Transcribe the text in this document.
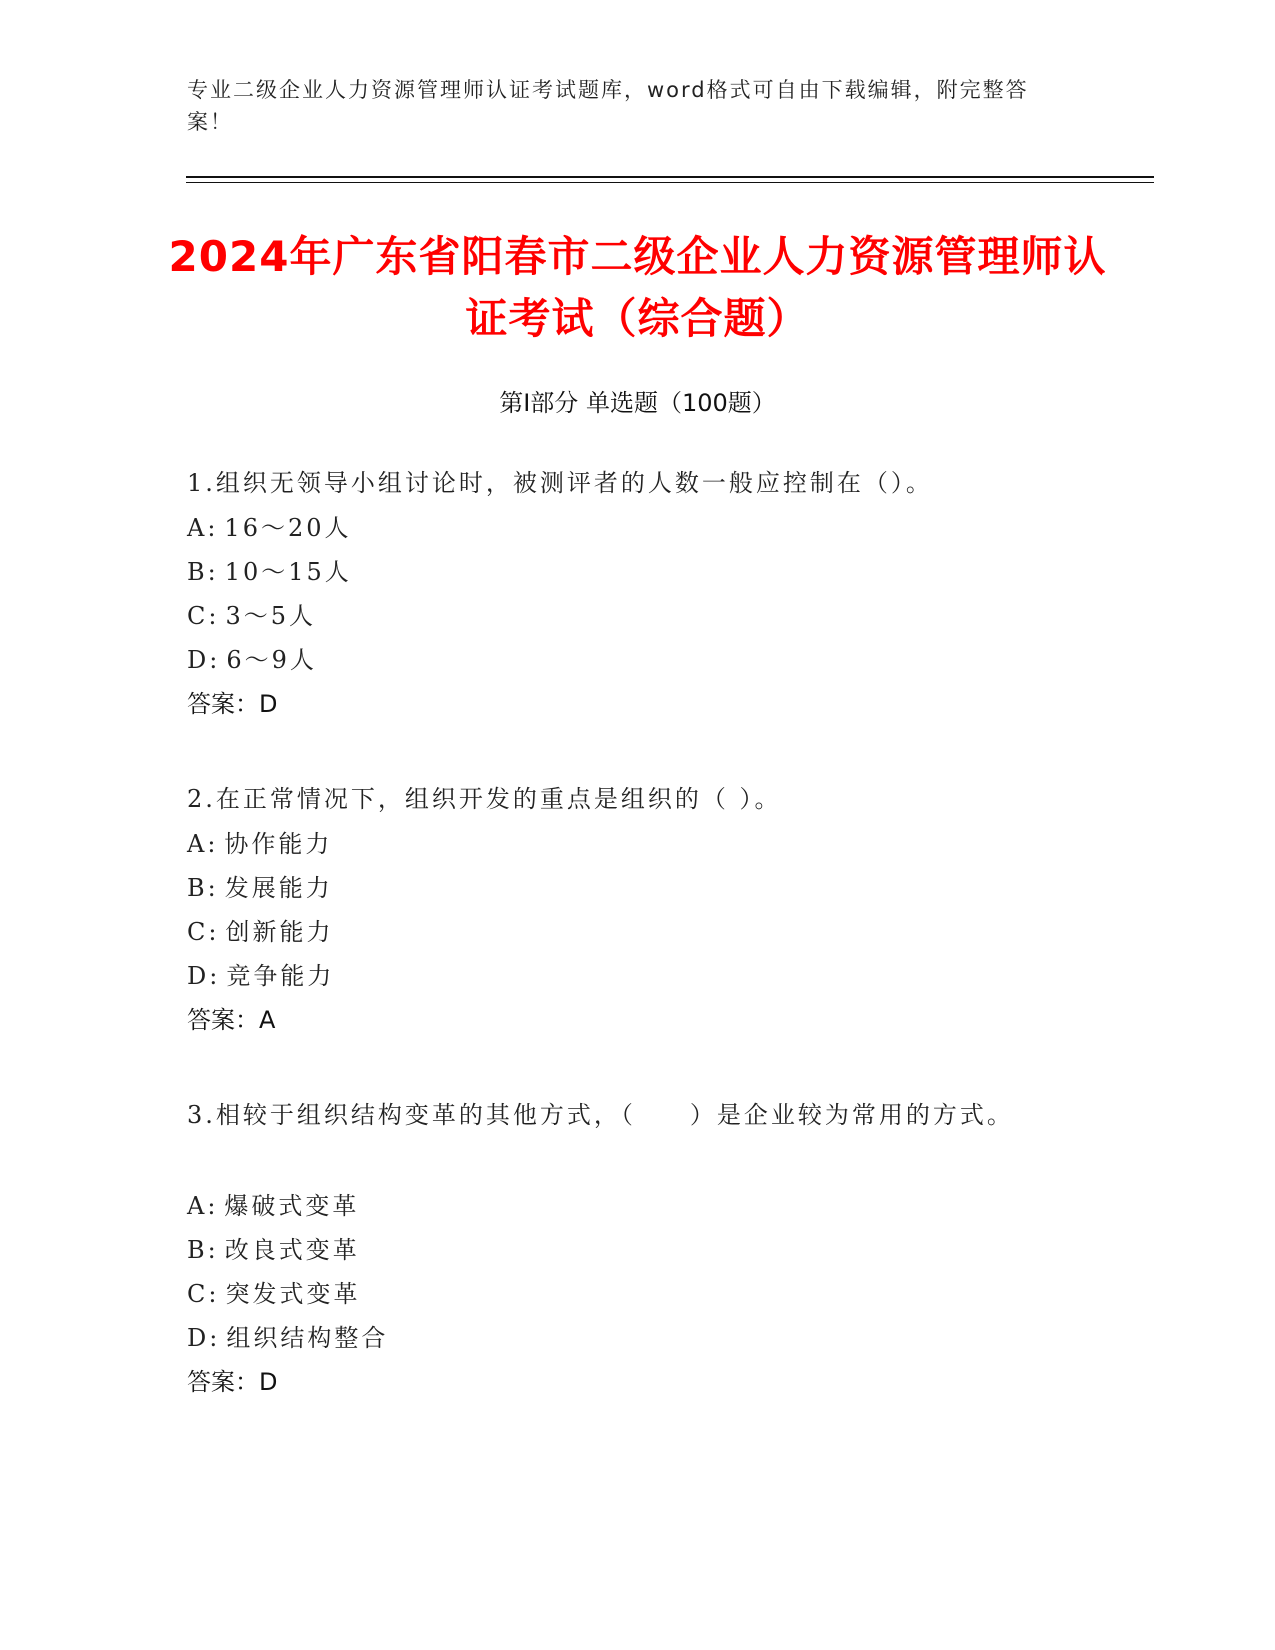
专业二级企业人力资源管理师认证考试题库，word格式可自由下载编辑，附完整答案！
2024年广东省阳春市二级企业人力资源管理师认证考试（综合题）
第I部分 单选题（100题）
1.组织无领导小组讨论时，被测评者的人数一般应控制在（）。
A: 16～20人
B: 10～15人
C: 3～5人
D: 6～9人
答案：D
2.在正常情况下，组织开发的重点是组织的（ ）。
A: 协作能力
B: 发展能力
C: 创新能力
D: 竞争能力
答案：A
3.相较于组织结构变革的其他方式，（　　）是企业较为常用的方式。
A: 爆破式变革
B: 改良式变革
C: 突发式变革
D: 组织结构整合
答案：D
